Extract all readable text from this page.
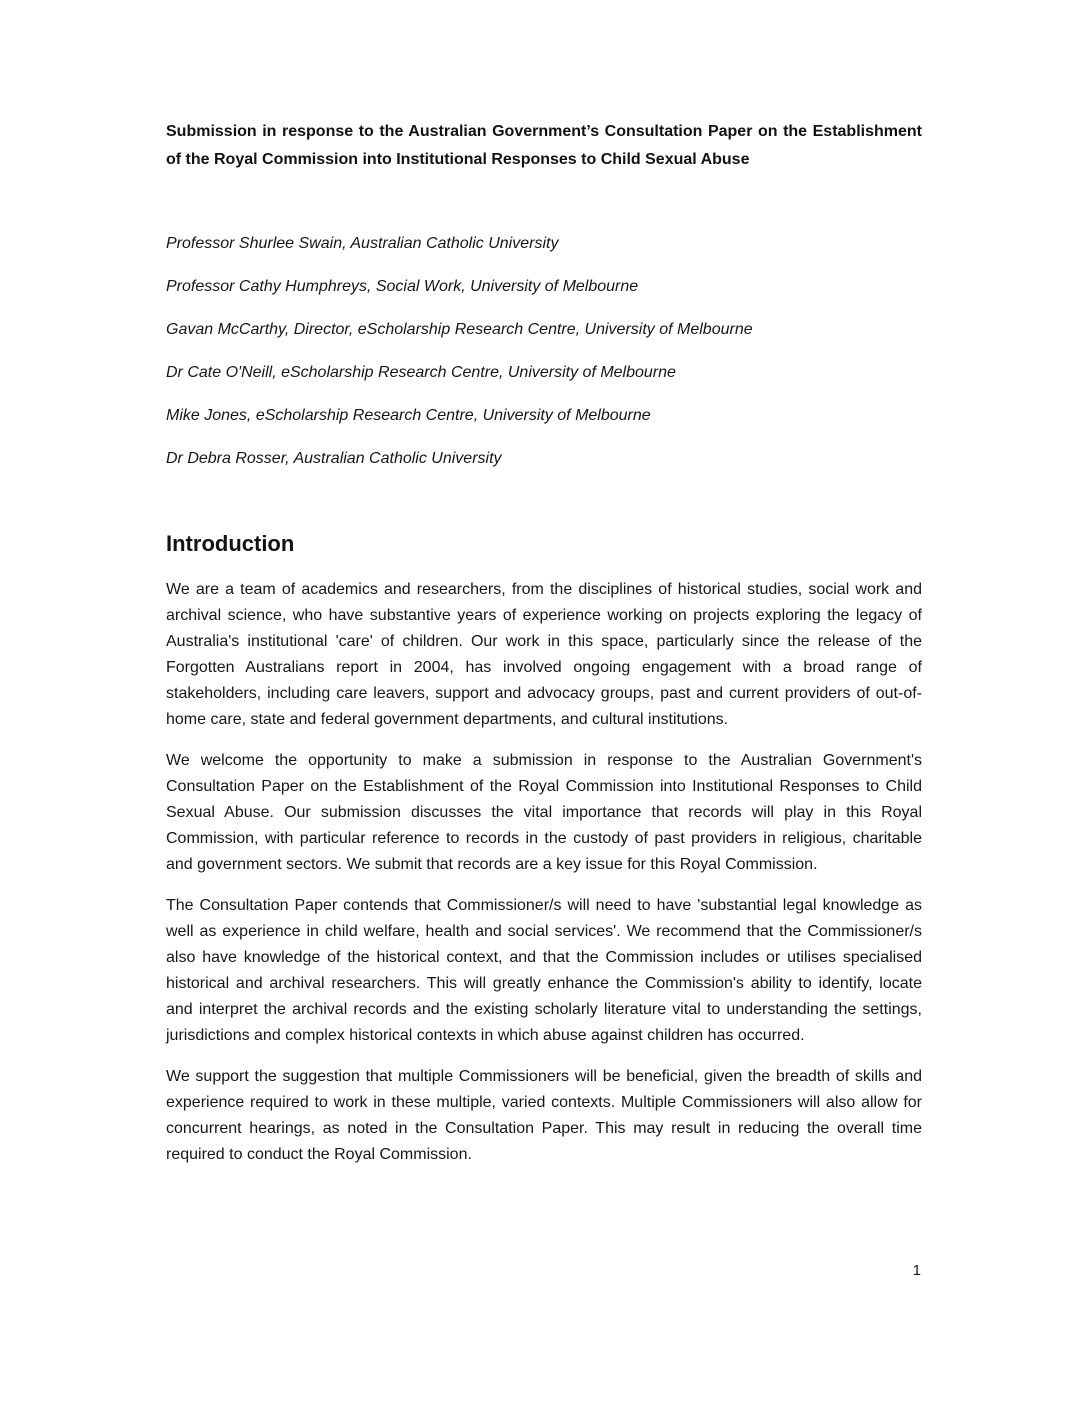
Submission in response to the Australian Government’s Consultation Paper on the Establishment
of the Royal Commission into Institutional Responses to Child Sexual Abuse

Professor Shurlee Swain, Australian Catholic University

Professor Cathy Humphreys, Social Work, University of Melbourne

Gavan McCarthy, Director, eScholarship Research Centre, University of Melbourne

Dr Cate O'Neill, eScholarship Research Centre, University of Melbourne

Mike Jones, eScholarship Research Centre, University of Melbourne

Dr Debra Rosser, Australian Catholic University

Introduction

We are a team of academics and researchers, from the disciplines of historical studies, social work and archival science, who have substantive years of experience working on projects exploring the legacy of Australia's institutional 'care' of children. Our work in this space, particularly since the release of the Forgotten Australians report in 2004, has involved ongoing engagement with a broad range of stakeholders, including care leavers, support and advocacy groups, past and current providers of out-of-home care, state and federal government departments, and cultural institutions.

We welcome the opportunity to make a submission in response to the Australian Government's Consultation Paper on the Establishment of the Royal Commission into Institutional Responses to Child Sexual Abuse. Our submission discusses the vital importance that records will play in this Royal Commission, with particular reference to records in the custody of past providers in religious, charitable and government sectors. We submit that records are a key issue for this Royal Commission.

The Consultation Paper contends that Commissioner/s will need to have 'substantial legal knowledge as well as experience in child welfare, health and social services'. We recommend that the Commissioner/s also have knowledge of the historical context, and that the Commission includes or utilises specialised historical and archival researchers. This will greatly enhance the Commission's ability to identify, locate and interpret the archival records and the existing scholarly literature vital to understanding the settings, jurisdictions and complex historical contexts in which abuse against children has occurred.

We support the suggestion that multiple Commissioners will be beneficial, given the breadth of skills and experience required to work in these multiple, varied contexts. Multiple Commissioners will also allow for concurrent hearings, as noted in the Consultation Paper. This may result in reducing the overall time required to conduct the Royal Commission.

1
